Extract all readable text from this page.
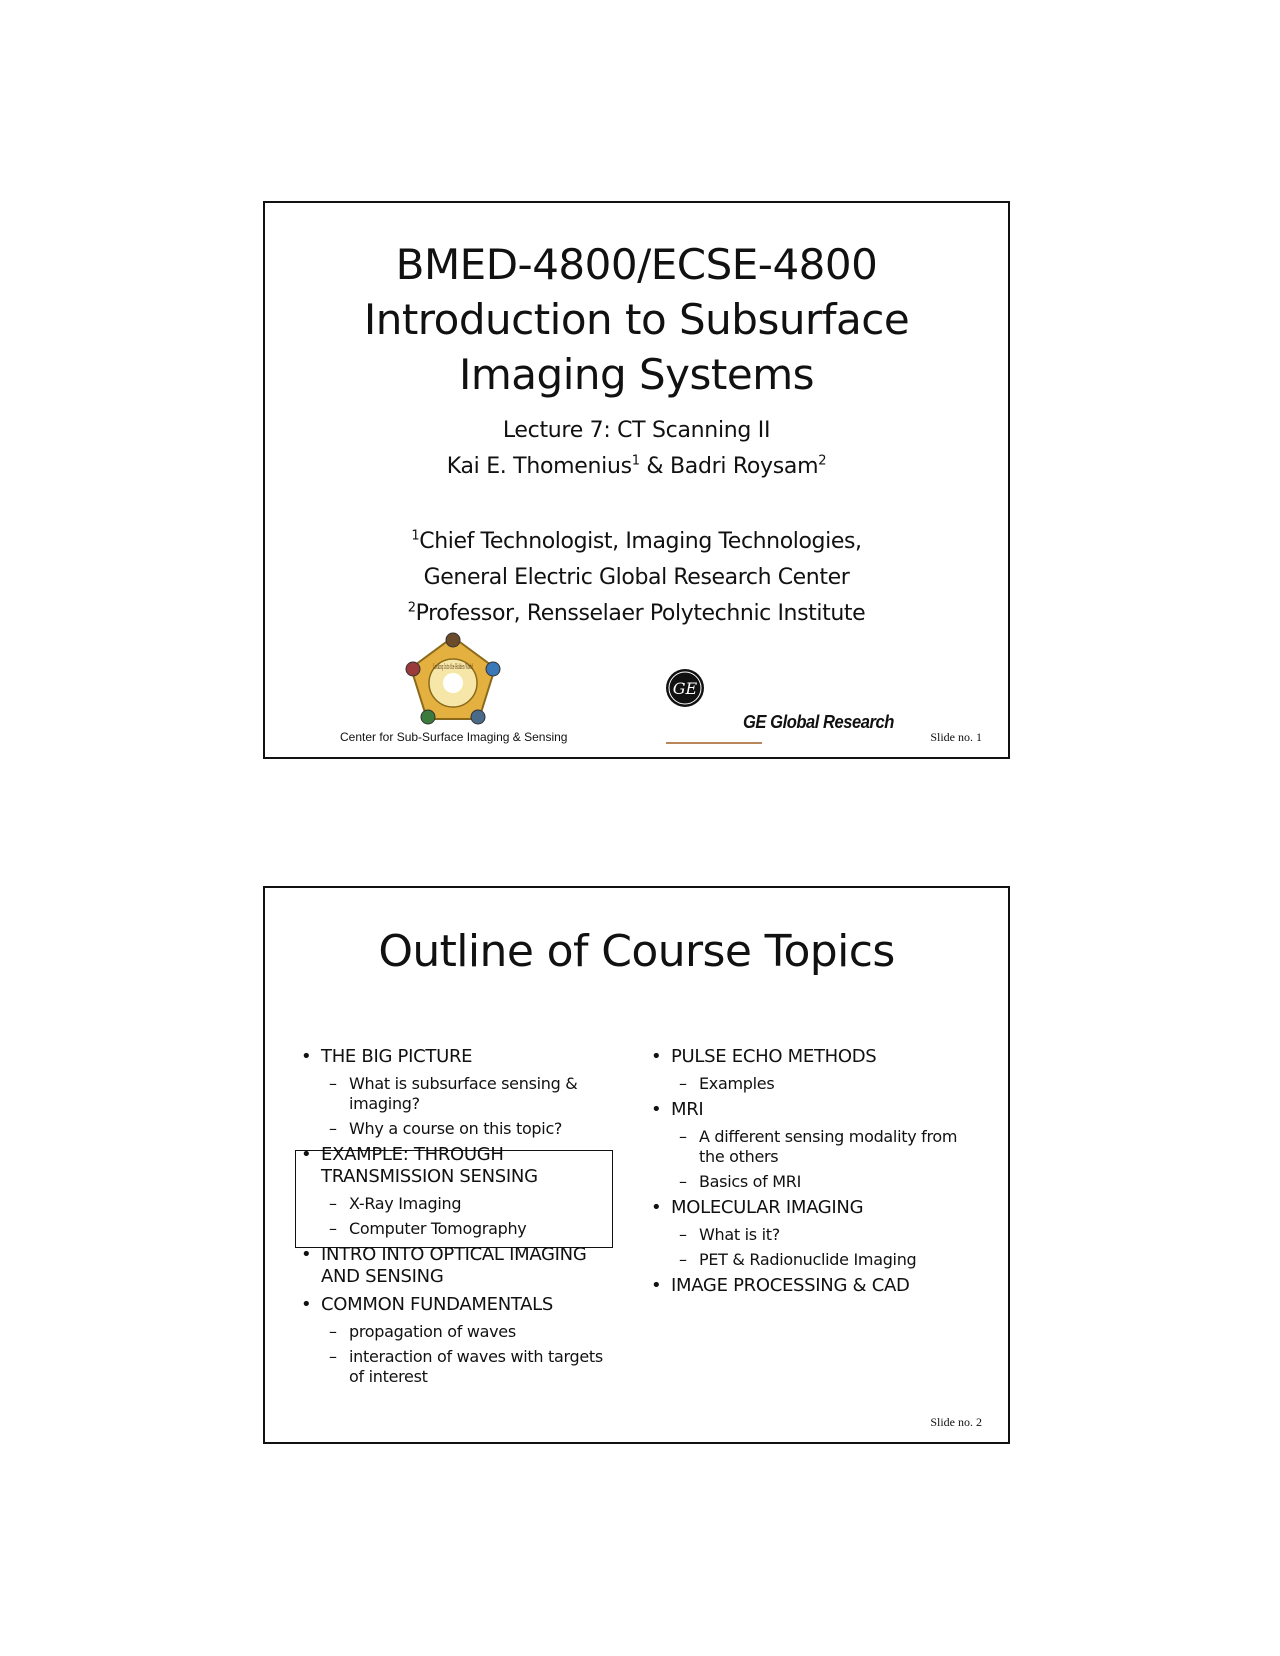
BMED-4800/ECSE-4800
Introduction to Subsurface
Imaging Systems
Lecture 7: CT Scanning II
Kai E. Thomenius$^1$ & Badri Roysam$^2$
$^1$Chief Technologist, Imaging Technologies,
General Electric Global Research Center
$^2$Professor, Rensselaer Polytechnic Institute
Looking Into the Hidden World
Center for Sub-Surface Imaging & Sensing
GE
GE Global Research
Slide no. 1
Outline of Course Topics
• THE BIG PICTURE
– What is subsurface sensing & imaging?
– Why a course on this topic?
• EXAMPLE: THROUGH TRANSMISSION SENSING
– X-Ray Imaging
– Computer Tomography
• INTRO INTO OPTICAL IMAGING AND SENSING
• COMMON FUNDAMENTALS
– propagation of waves
– interaction of waves with targets of interest
• PULSE ECHO METHODS
– Examples
• MRI
– A different sensing modality from the others
– Basics of MRI
• MOLECULAR IMAGING
– What is it?
– PET & Radionuclide Imaging
• IMAGE PROCESSING & CAD
Slide no. 2
